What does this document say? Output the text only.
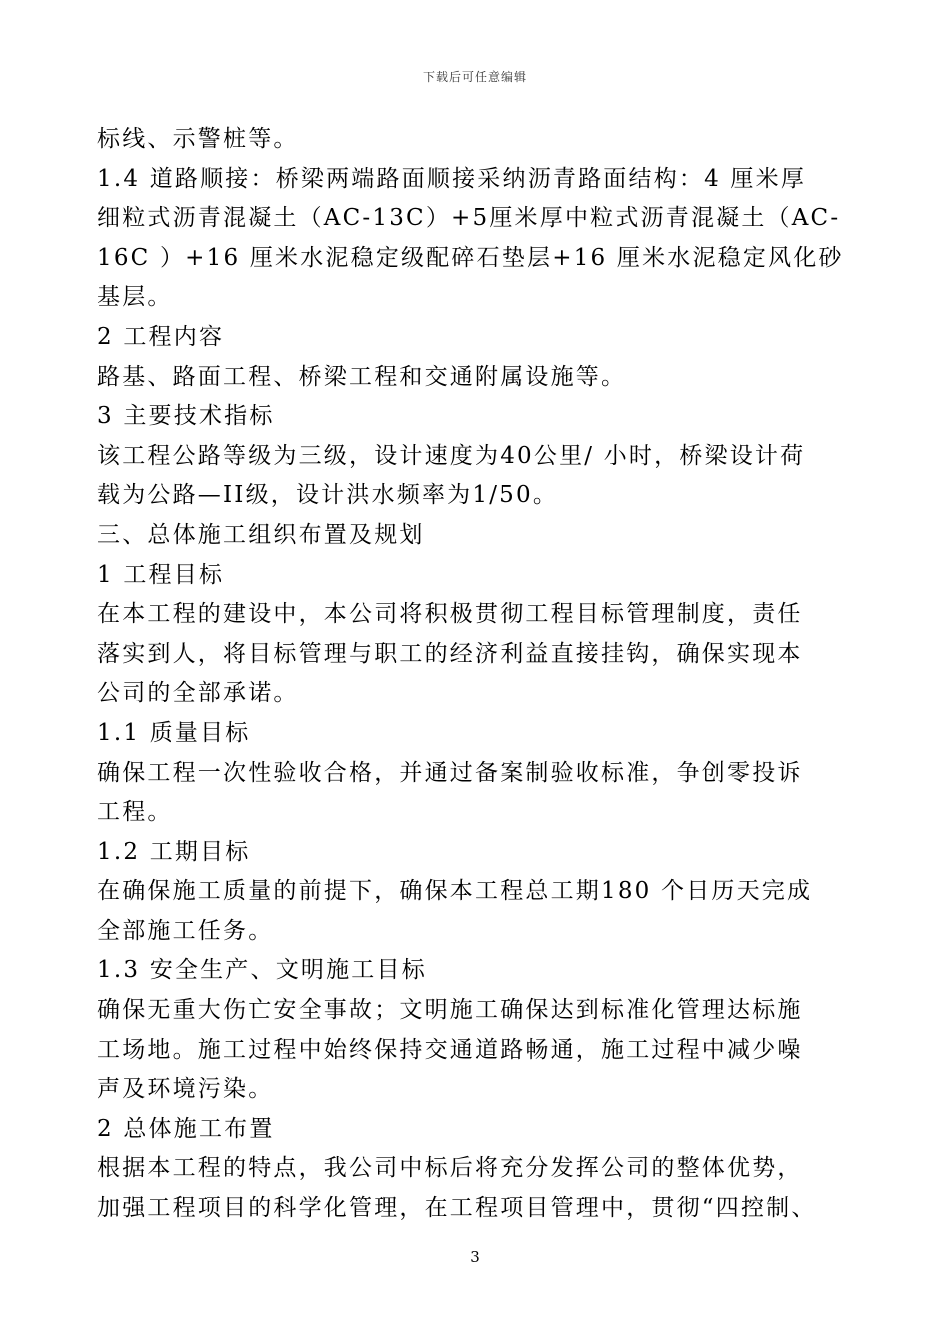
下载后可任意编辑
标线、示警桩等。
1.4 道路顺接：桥梁两端路面顺接采纳沥青路面结构：4 厘米厚
细粒式沥青混凝土（AC-13C）+5厘米厚中粒式沥青混凝土（AC-
16C ）+16 厘米水泥稳定级配碎石垫层+16 厘米水泥稳定风化砂
基层。
2 工程内容
路基、路面工程、桥梁工程和交通附属设施等。
3 主要技术指标
该工程公路等级为三级，设计速度为40公里/ 小时，桥梁设计荷
载为公路—II级，设计洪水频率为1/50。
三、总体施工组织布置及规划
1 工程目标
在本工程的建设中，本公司将积极贯彻工程目标管理制度，责任
落实到人，将目标管理与职工的经济利益直接挂钩，确保实现本
公司的全部承诺。
1.1 质量目标
确保工程一次性验收合格，并通过备案制验收标准，争创零投诉
工程。
1.2 工期目标
在确保施工质量的前提下，确保本工程总工期180 个日历天完成
全部施工任务。
1.3 安全生产、文明施工目标
确保无重大伤亡安全事故；文明施工确保达到标准化管理达标施
工场地。施工过程中始终保持交通道路畅通，施工过程中减少噪
声及环境污染。
2 总体施工布置
根据本工程的特点，我公司中标后将充分发挥公司的整体优势，
加强工程项目的科学化管理，在工程项目管理中，贯彻“四控制、
3
